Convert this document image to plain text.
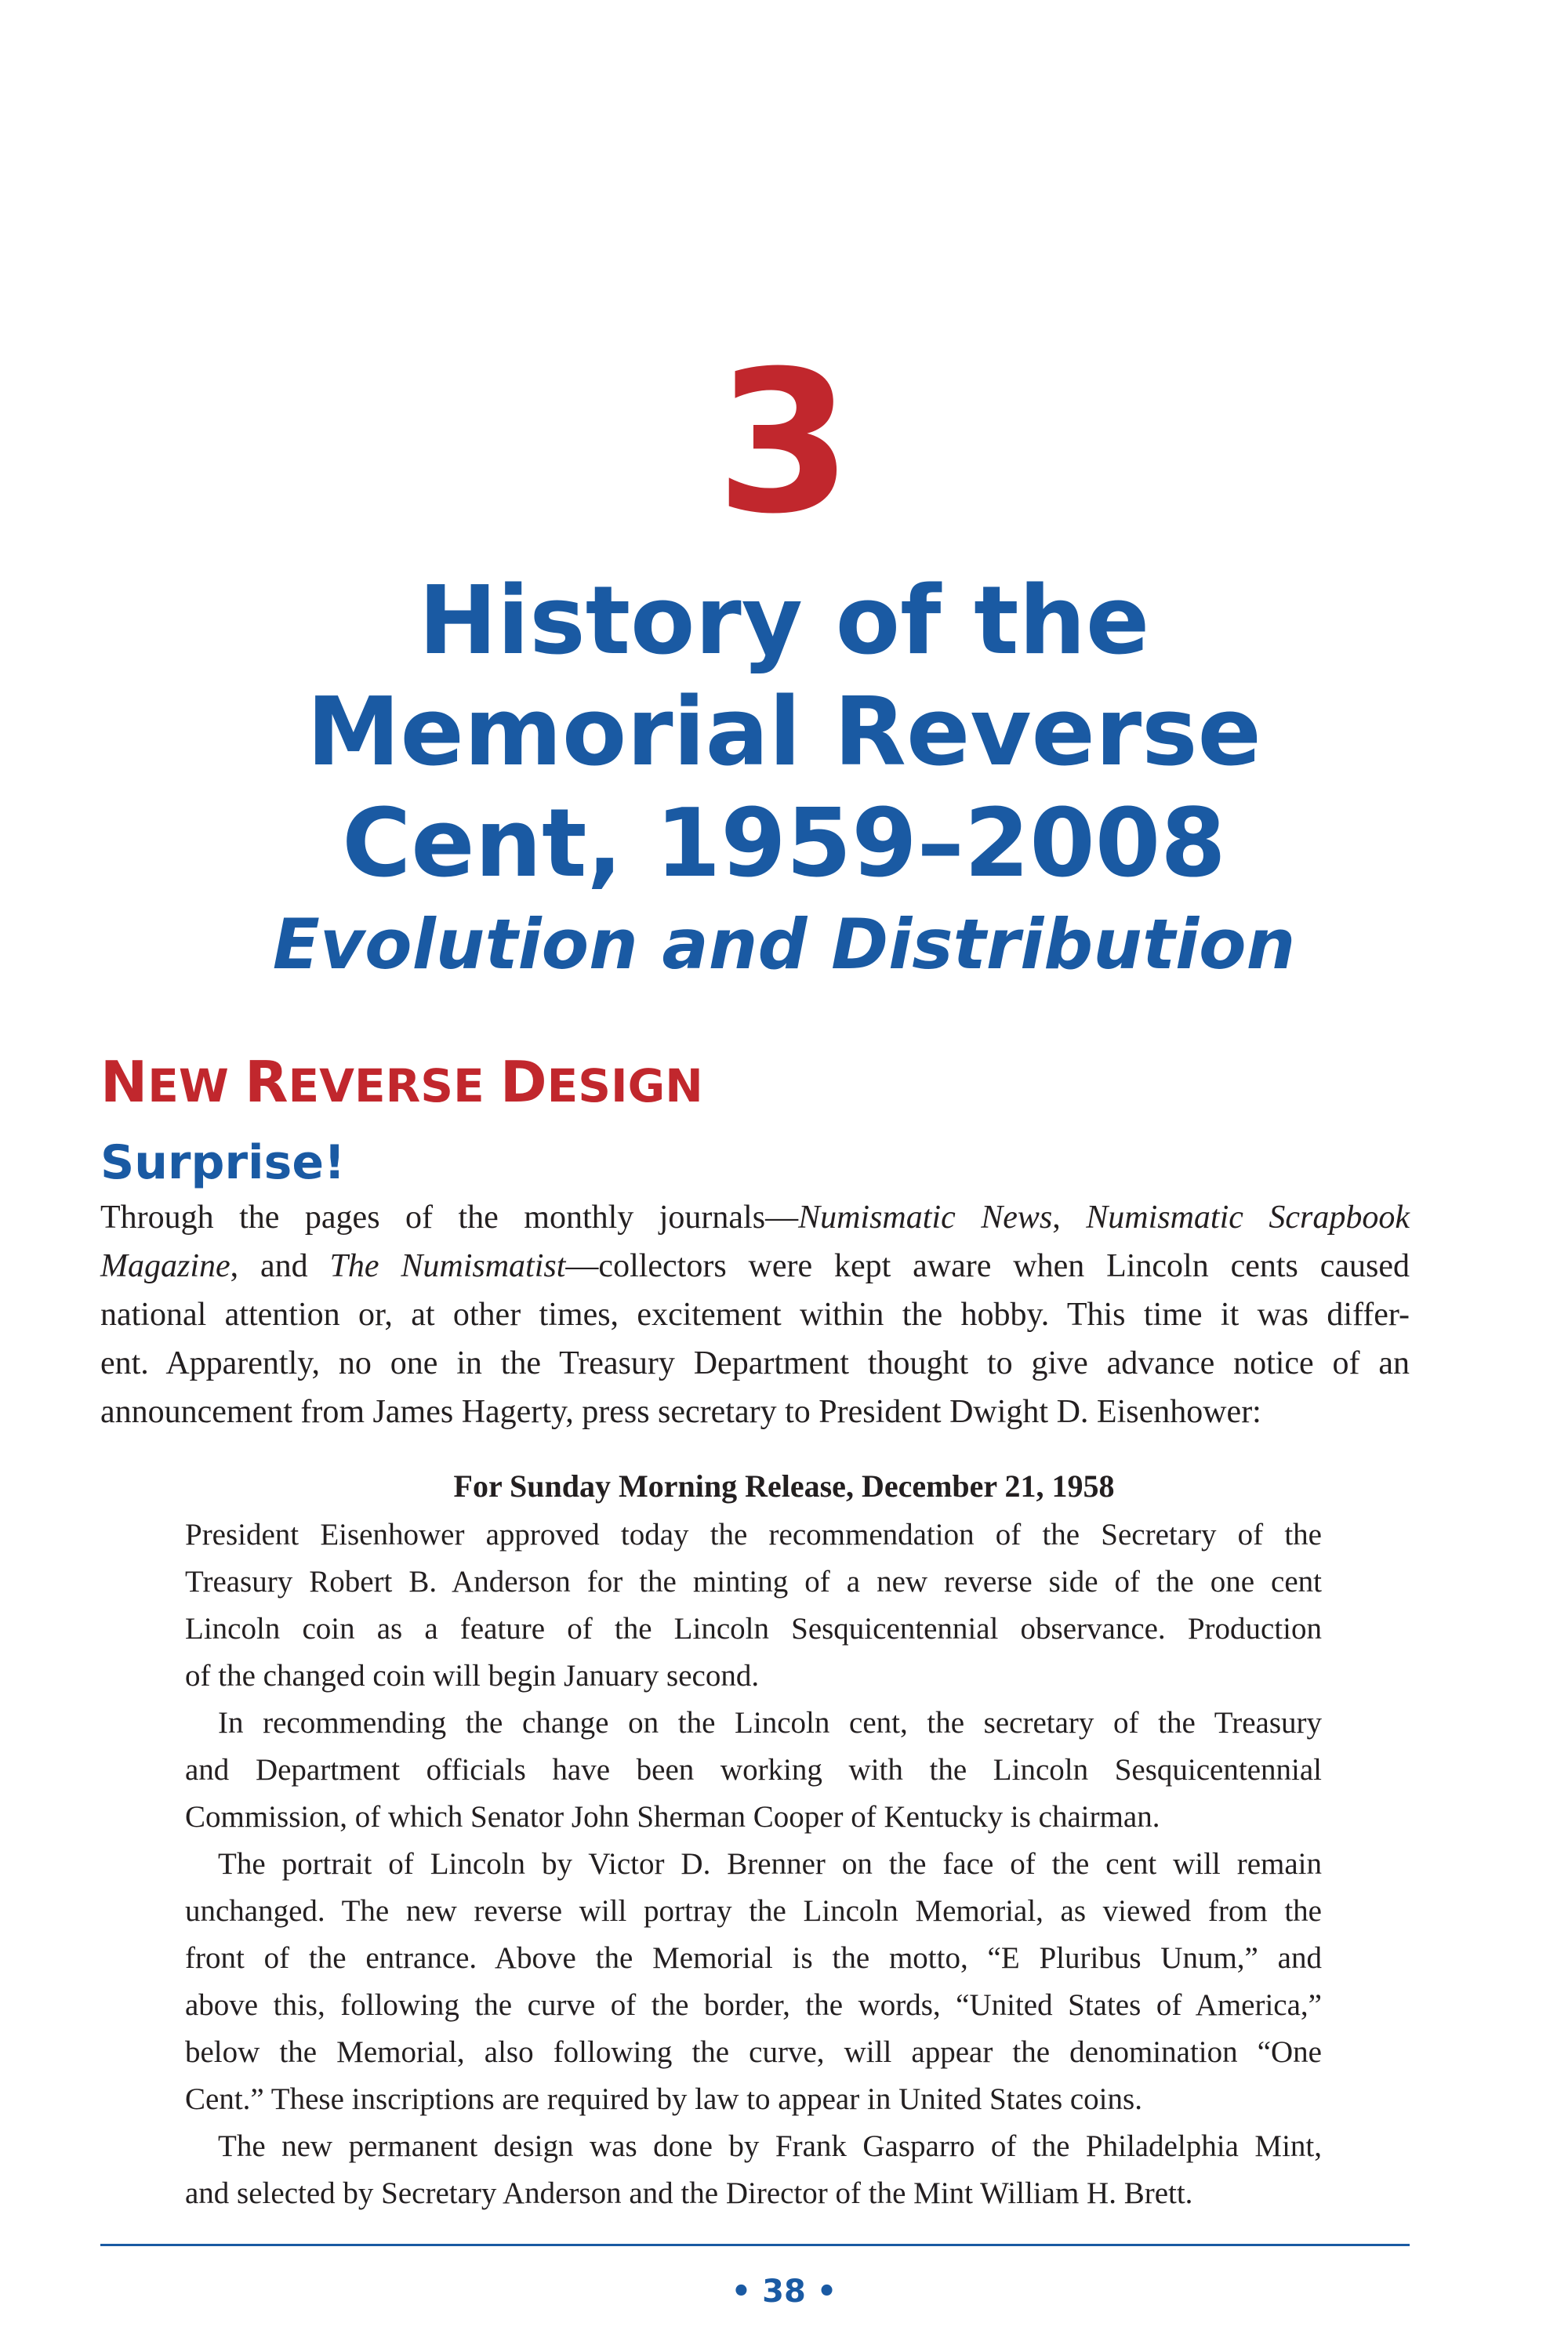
3
History of the
Memorial Reverse
Cent, 1959–2008
Evolution and Distribution
NEW REVERSE DESIGN
Surprise!
Through the pages of the monthly journals—Numismatic News, Numismatic Scrapbook
Magazine, and The Numismatist—collectors were kept aware when Lincoln cents caused
national attention or, at other times, excitement within the hobby. This time it was differ-
ent. Apparently, no one in the Treasury Department thought to give advance notice of an
announcement from James Hagerty, press secretary to President Dwight D. Eisenhower:
For Sunday Morning Release, December 21, 1958
President Eisenhower approved today the recommendation of the Secretary of the
Treasury Robert B. Anderson for the minting of a new reverse side of the one cent
Lincoln coin as a feature of the Lincoln Sesquicentennial observance. Production
of the changed coin will begin January second.
In recommending the change on the Lincoln cent, the secretary of the Treasury
and Department officials have been working with the Lincoln Sesquicentennial
Commission, of which Senator John Sherman Cooper of Kentucky is chairman.
The portrait of Lincoln by Victor D. Brenner on the face of the cent will remain
unchanged. The new reverse will portray the Lincoln Memorial, as viewed from the
front of the entrance. Above the Memorial is the motto, “E Pluribus Unum,” and
above this, following the curve of the border, the words, “United States of America,”
below the Memorial, also following the curve, will appear the denomination “One
Cent.” These inscriptions are required by law to appear in United States coins.
The new permanent design was done by Frank Gasparro of the Philadelphia Mint,
and selected by Secretary Anderson and the Director of the Mint William H. Brett.
• 38 •
